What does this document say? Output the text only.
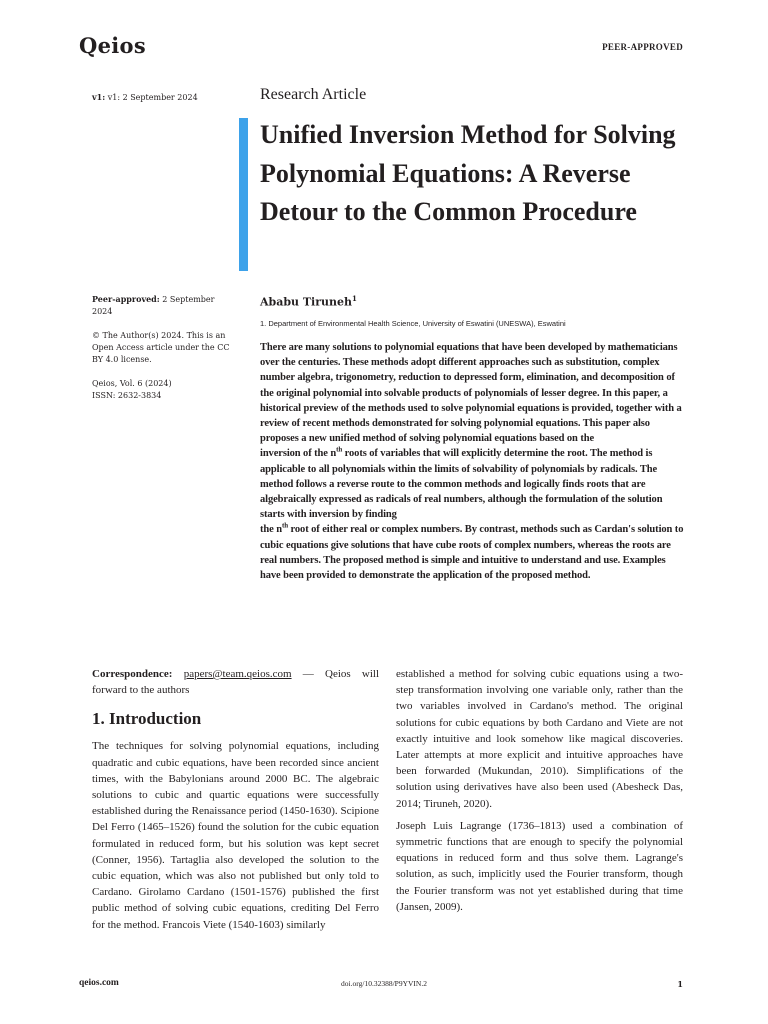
Qeios	PEER-APPROVED
v1: v1: 2 September 2024	Research Article
Unified Inversion Method for Solving Polynomial Equations: A Reverse Detour to the Common Procedure

Peer-approved: 2 September 2024

© The Author(s) 2024. This is an Open Access article under the CC BY 4.0 license.

Qeios, Vol. 6 (2024)
ISSN: 2632-3834

Ababu Tiruneh$^1$
1. Department of Environmental Health Science, University of Eswatini (UNESWA), Eswatini

There are many solutions to polynomial equations that have been developed by mathematicians over the centuries. These methods adopt different approaches such as substitution, complex number algebra, trigonometry, reduction to depressed form, elimination, and decomposition of the original polynomial into solvable products of polynomials of lesser degree. In this paper, a historical preview of the methods used to solve polynomial equations is provided, together with a review of recent methods demonstrated for solving polynomial equations. This paper also proposes a new unified method of solving polynomial equations based on the
inversion of the $n^{th}$ roots of variables that will explicitly determine the root. The method is applicable to all polynomials within the limits of solvability of polynomials by radicals. The method follows a reverse route to the common methods and logically finds roots that are algebraically expressed as radicals of real numbers, although the formulation of the solution starts with inversion by finding
the $n^{th}$ root of either real or complex numbers. By contrast, methods such as Cardan's solution to cubic equations give solutions that have cube roots of complex numbers, whereas the roots are real numbers. The proposed method is simple and intuitive to understand and use. Examples have been provided to demonstrate the application of the proposed method.

Correspondence: papers@team.qeios.com — Qeios will forward to the authors

1. Introduction

The techniques for solving polynomial equations, including quadratic and cubic equations, have been recorded since ancient times, with the Babylonians around 2000 BC. The algebraic solutions to cubic and quartic equations were successfully established during the Renaissance period (1450-1630). Scipione Del Ferro (1465–1526) found the solution for the cubic equation formulated in reduced form, but his solution was kept secret (Conner, 1956). Tartaglia also developed the solution to the cubic equation, which was also not published but only told to Cardano. Girolamo Cardano (1501-1576) published the first public method of solving cubic equations, crediting Del Ferro for the method. Francois Viete (1540-1603) similarly

established a method for solving cubic equations using a two-step transformation involving one variable only, rather than the two variables involved in Cardano's method. The original solutions for cubic equations by both Cardano and Viete are not exactly intuitive and look somehow like magical discoveries. Later attempts at more explicit and intuitive approaches have been forwarded (Mukundan, 2010). Simplifications of the solution using derivatives have also been used (Abesheck Das, 2014; Tiruneh, 2020).

Joseph Luis Lagrange (1736–1813) used a combination of symmetric functions that are enough to specify the polynomial equations in reduced form and thus solve them. Lagrange's solution, as such, implicitly used the Fourier transform, though the Fourier transform was not yet established during that time (Jansen, 2009).

qeios.com	doi.org/10.32388/P9YVIN.2	1
